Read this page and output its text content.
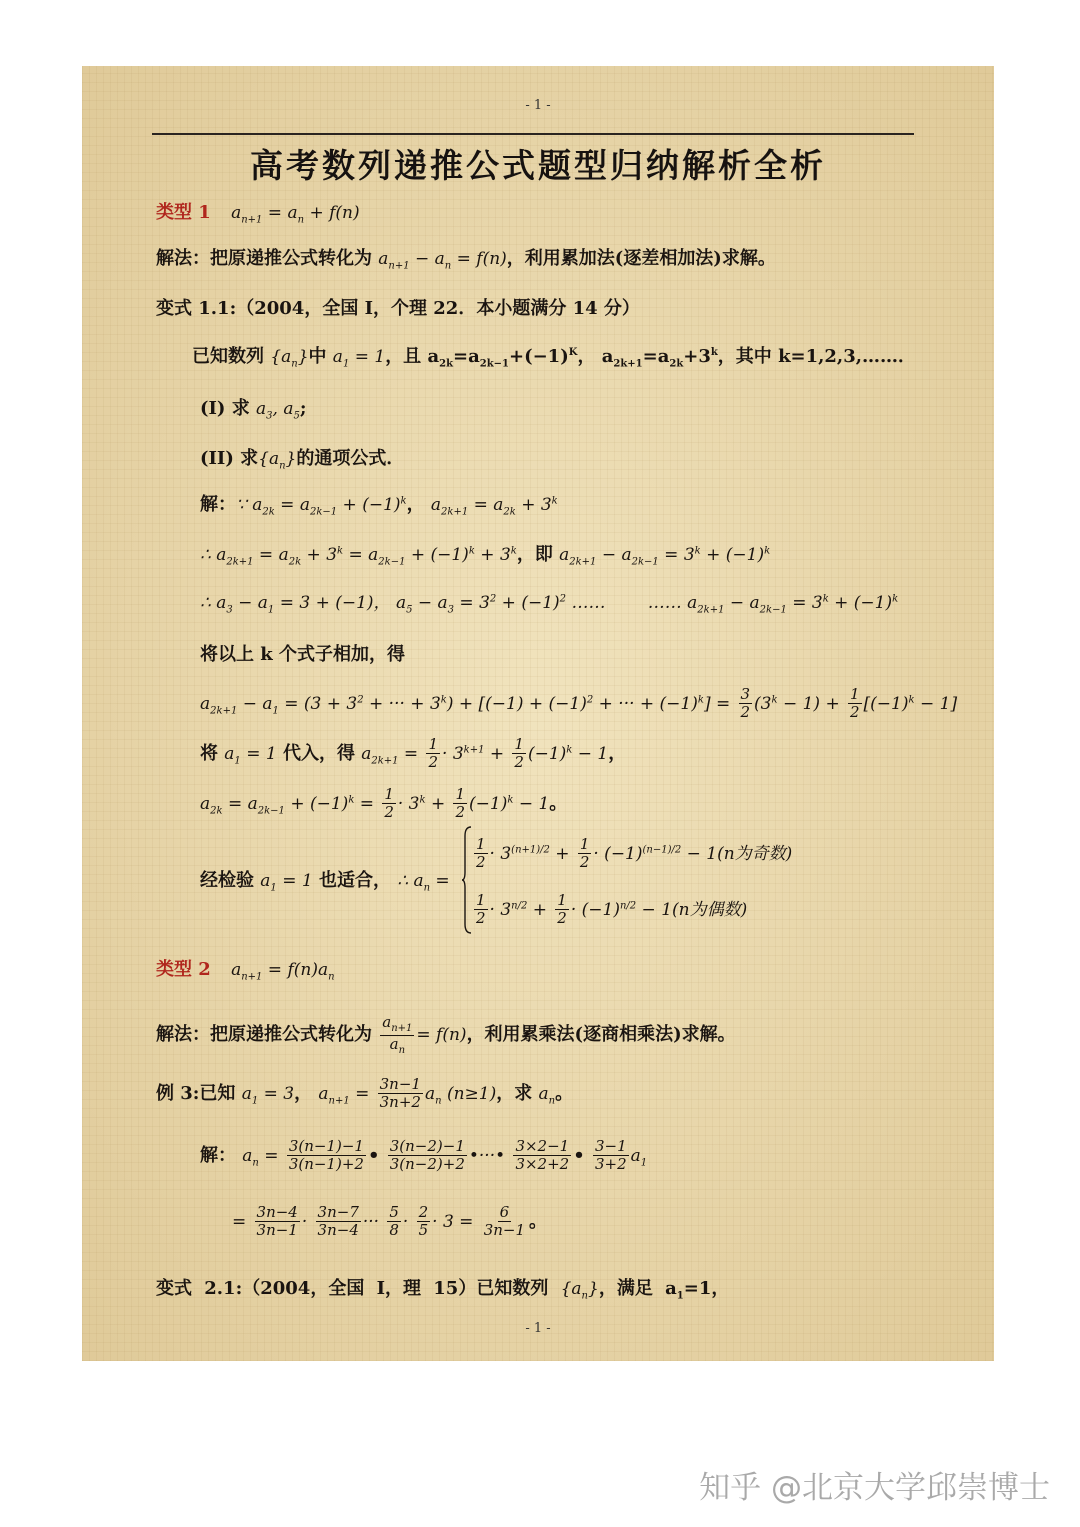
- 1 -
高考数列递推公式题型归纳解析全析
类型 1 $a_{n+1} = a_n + f(n)$
解法：把原递推公式转化为 $a_{n+1} - a_n = f(n)$，利用累加法(逐差相加法)求解。
变式 1.1:（2004，全国 I，个理 22．本小题满分 14 分）
已知数列 $\{a_n\}$中 $a_1 = 1$，且 $a_{2k}=a_{2k-1}+(-1)^K$， $a_{2k+1}=a_{2k}+3^k$，其中 k=1,2,3,……．
(I) 求 $a_3$, $a_5$;
(II) 求$\{a_n\}$的通项公式．
解：∵ $a_{2k} = a_{2k-1} + (-1)^k$， $a_{2k+1} = a_{2k} + 3^k$
∴ $a_{2k+1} = a_{2k} + 3^k = a_{2k-1} + (-1)^k + 3^k$，即 $a_{2k+1} - a_{2k-1} = 3^k + (-1)^k$
∴ $a_3 - a_1 = 3 + (-1)$， $a_5 - a_3 = 3^2 + (-1)^2$ …… …… $a_{2k+1} - a_{2k-1} = 3^k + (-1)^k$
将以上 k 个式子相加，得
$a_{2k+1} - a_1 = (3 + 3^2$ + ··· + $3^k) + [(-1) + (-1)^2$ + ··· + $(-1)^k] = \frac{3}{2} (3^k - 1) + \frac{1}{2} [(-1)^k - 1]$
将 $a_1 = 1$ 代入，得 $a_{2k+1} = \frac{1}{2} \cdot 3^{k+1} + \frac{1}{2} (-1)^k - 1$，
$a_{2k} = a_{2k-1} + (-1)^k = \frac{1}{2} \cdot 3^k + \frac{1}{2} (-1)^k - 1$。
经检验 $a_1 = 1$ 也适合， ∴ $a_n$ =
$\frac{1}{2} \cdot 3^{(n+1)/2} + \frac{1}{2} \cdot (-1)^{(n-1)/2} - 1(n$为奇数)
$\frac{1}{2} \cdot 3^{n/2} + \frac{1}{2} \cdot (-1)^{n/2} - 1(n$为偶数)
类型 2 $a_{n+1} = f(n)a_n$
解法：把原递推公式转化为 $\frac{a_{n+1}}{a_n} = f(n)$，利用累乘法(逐商相乘法)求解。
例 3:已知 $a_1 = 3$， $a_{n+1} = \frac{3n-1}{3n+2} a_n$ (n≥1)，求 $a_n$。
解： $a_n = \frac{3(n-1)-1}{3(n-1)+2}$ • $\frac{3(n-2)-1}{3(n-2)+2}$ •···• $\frac{3\times 2-1}{3\times 2+2}$ • $\frac{3-1}{3+2} a_1$
= $\frac{3n-4}{3n-1} \cdot \frac{3n-7}{3n-4}$ ··· $\frac{5}{8} \cdot \frac{2}{5} \cdot 3 = \frac{6}{3n-1}$ 。
变式 2.1:（2004，全国 I，理 15）已知数列 $\{a_n\}$，满足 $a_1=1$，
- 1 -
知乎 @北京大学邱崇博士
